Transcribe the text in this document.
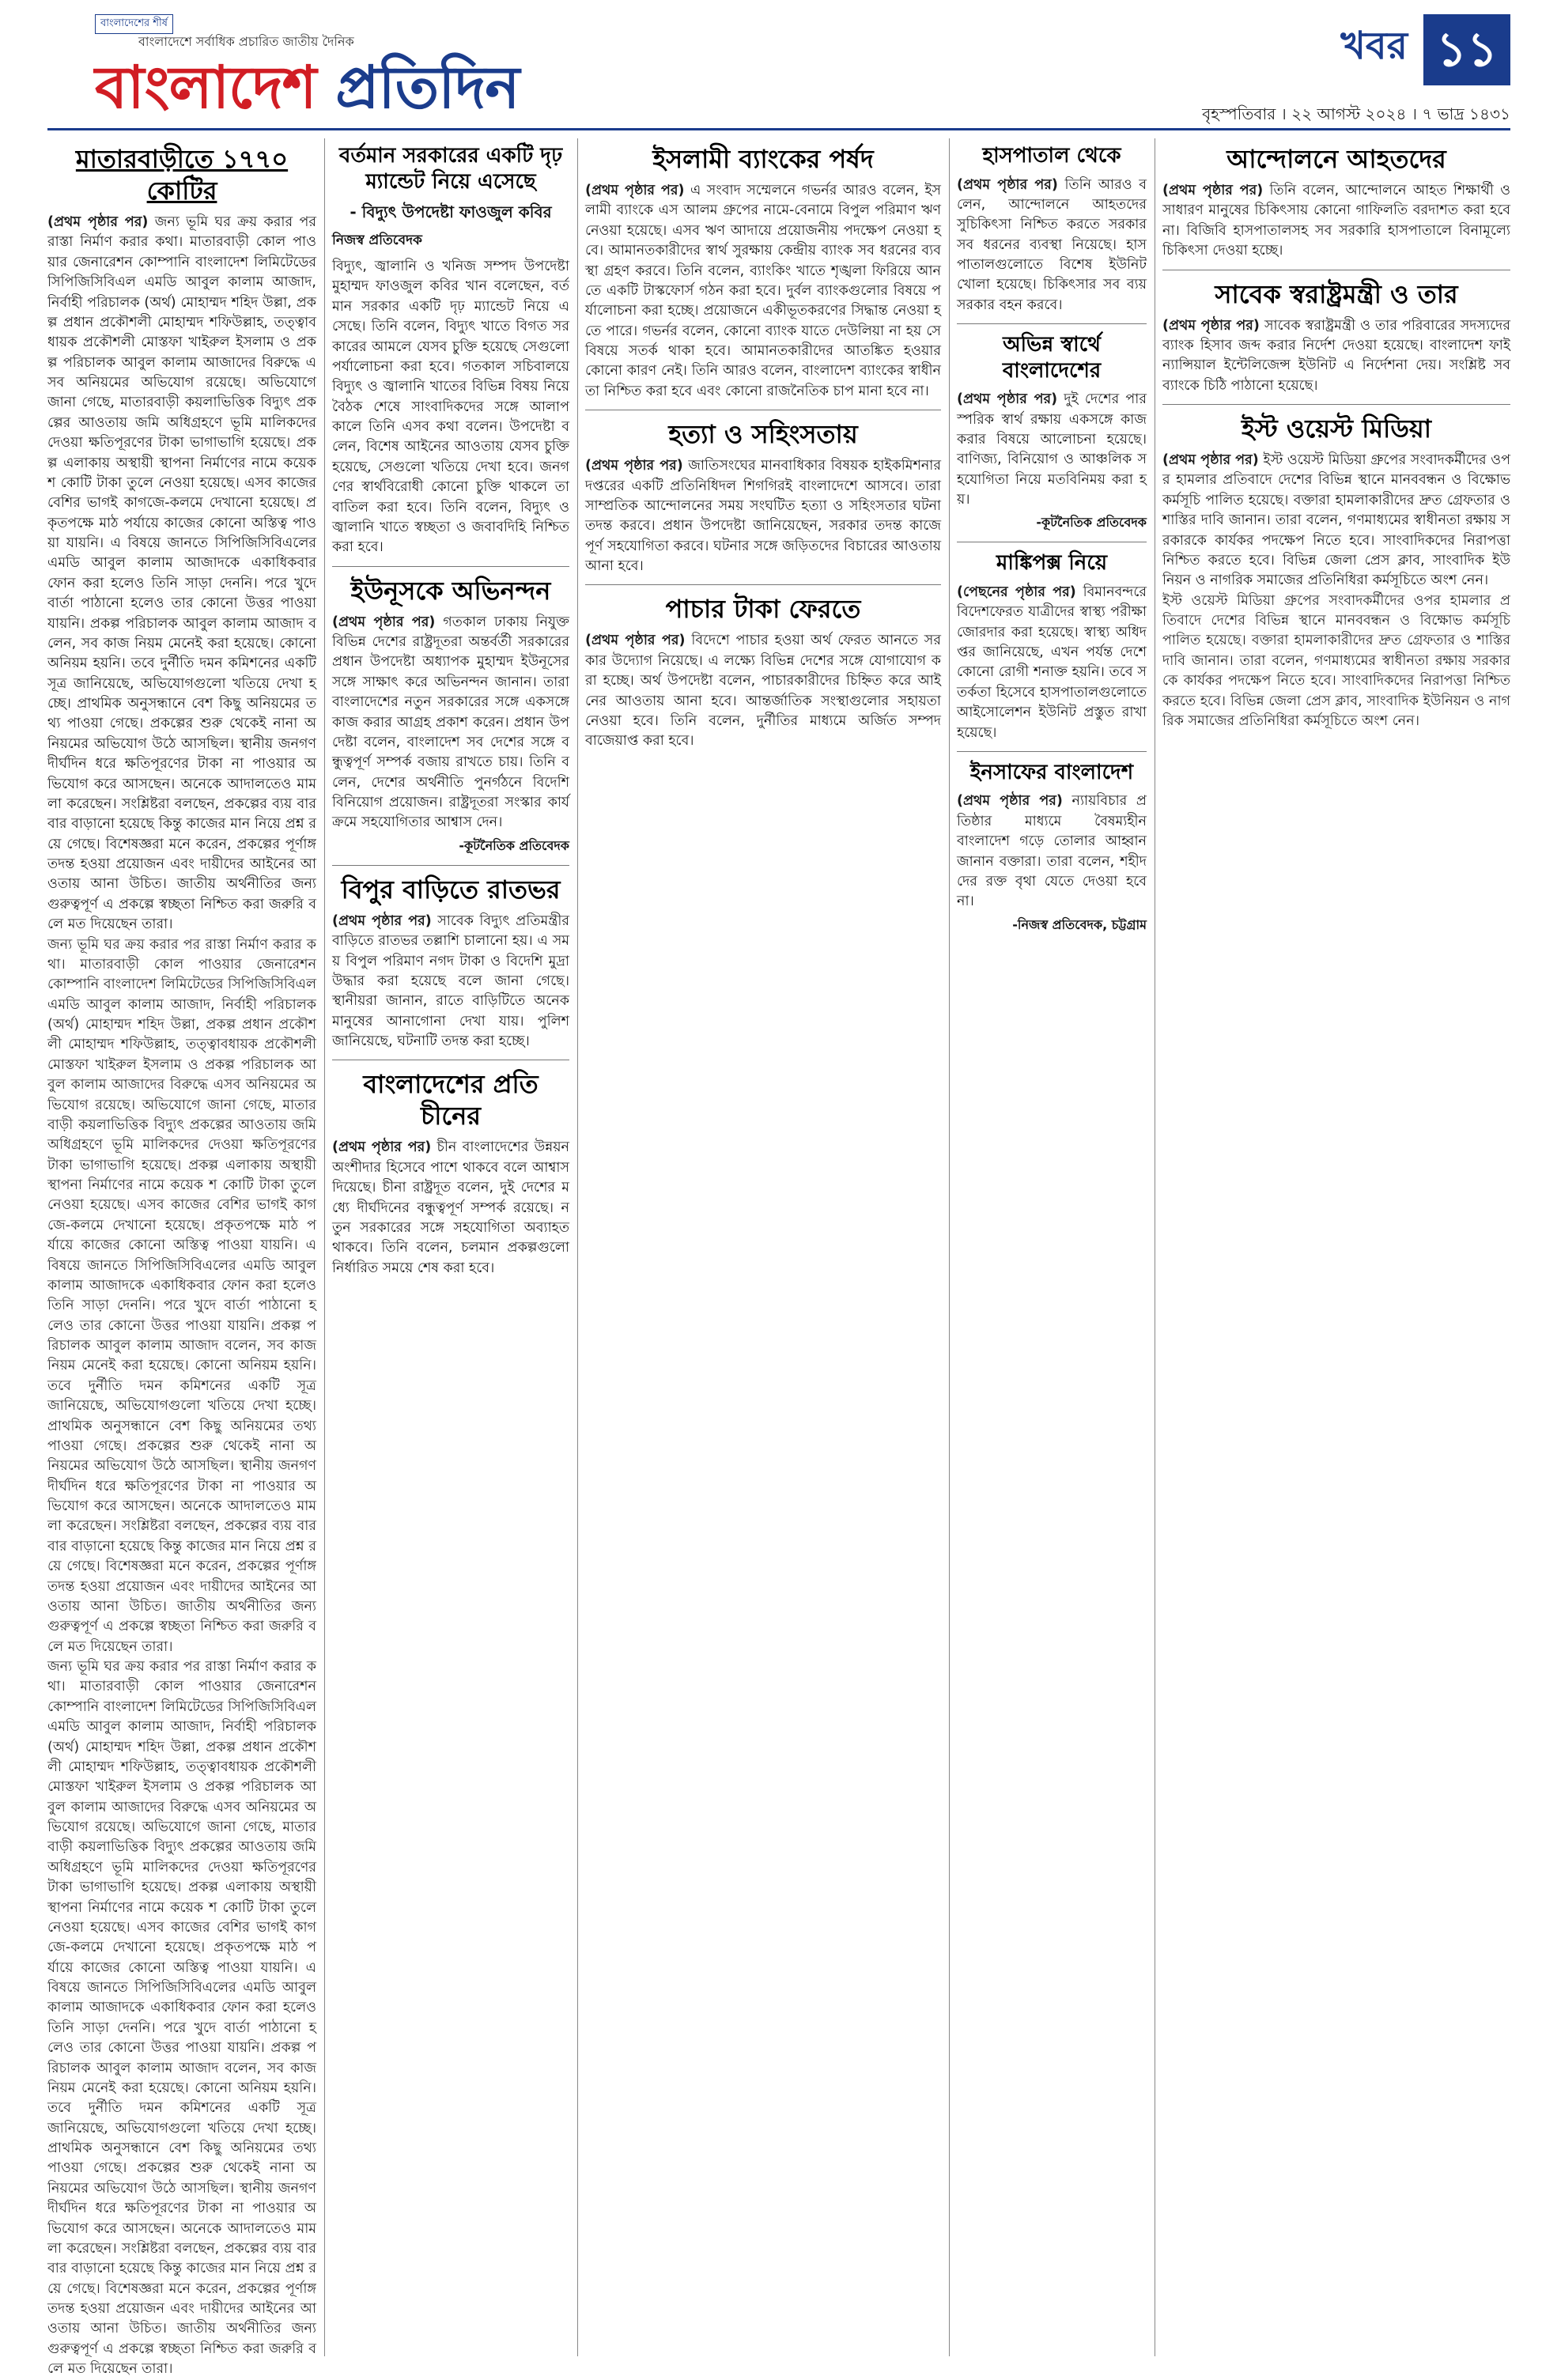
বাংলাদেশের শীর্ষ
বাংলাদেশে সর্বাধিক প্রচারিত জাতীয় দৈনিক
বাংলাদেশ প্রতিদিন
খবর ১১
বৃহস্পতিবার । ২২ আগস্ট ২০২৪ । ৭ ভাদ্র ১৪৩১
মাতারবাড়ীতে ১৭৭০ কোটির
(প্রথম পৃষ্ঠার পর) জন্য ভূমি ঘর ক্রয় করার পর রাস্তা নির্মাণ করার কথা। মাতারবাড়ী কোল পাওয়ার জেনারেশন কোম্পানি বাংলাদেশ লিমিটেডের সিপিজিসিবিএল এমডি আবুল কালাম আজাদ, নির্বাহী পরিচালক (অর্থ) মোহাম্মদ শহিদ উল্লা, প্রকল্প প্রধান প্রকৌশলী মোহাম্মদ শফিউল্লাহ, তত্ত্বাবধায়ক প্রকৌশলী মোস্তফা খাইরুল ইসলাম ও প্রকল্প পরিচালক আবুল কালাম আজাদের বিরুদ্ধে এসব অনিয়মের অভিযোগ রয়েছে। অভিযোগে জানা গেছে, মাতারবাড়ী কয়লাভিত্তিক বিদ্যুৎ প্রকল্পের আওতায় জমি অধিগ্রহণে ভূমি মালিকদের দেওয়া ক্ষতিপূরণের টাকা ভাগাভাগি হয়েছে। প্রকল্প এলাকায় অস্থায়ী স্থাপনা নির্মাণের নামে কয়েক শ কোটি টাকা তুলে নেওয়া হয়েছে। এসব কাজের বেশির ভাগই কাগজে-কলমে দেখানো হয়েছে। প্রকৃতপক্ষে মাঠ পর্যায়ে কাজের কোনো অস্তিত্ব পাওয়া যায়নি। এ বিষয়ে জানতে সিপিজিসিবিএলের এমডি আবুল কালাম আজাদকে একাধিকবার ফোন করা হলেও তিনি সাড়া দেননি। পরে খুদে বার্তা পাঠানো হলেও তার কোনো উত্তর পাওয়া যায়নি। প্রকল্প পরিচালক আবুল কালাম আজাদ বলেন, সব কাজ নিয়ম মেনেই করা হয়েছে। কোনো অনিয়ম হয়নি। তবে দুর্নীতি দমন কমিশনের একটি সূত্র জানিয়েছে, অভিযোগগুলো খতিয়ে দেখা হচ্ছে। প্রাথমিক অনুসন্ধানে বেশ কিছু অনিয়মের তথ্য পাওয়া গেছে। প্রকল্পের শুরু থেকেই নানা অনিয়মের অভিযোগ উঠে আসছিল। স্থানীয় জনগণ দীর্ঘদিন ধরে ক্ষতিপূরণের টাকা না পাওয়ার অভিযোগ করে আসছেন। অনেকে আদালতেও মামলা করেছেন। সংশ্লিষ্টরা বলছেন, প্রকল্পের ব্যয় বারবার বাড়ানো হয়েছে কিন্তু কাজের মান নিয়ে প্রশ্ন রয়ে গেছে। বিশেষজ্ঞরা মনে করেন, প্রকল্পের পূর্ণাঙ্গ তদন্ত হওয়া প্রয়োজন এবং দায়ীদের আইনের আওতায় আনা উচিত। জাতীয় অর্থনীতির জন্য গুরুত্বপূর্ণ এ প্রকল্পে স্বচ্ছতা নিশ্চিত করা জরুরি বলে মত দিয়েছেন তারা।
জন্য ভূমি ঘর ক্রয় করার পর রাস্তা নির্মাণ করার কথা। মাতারবাড়ী কোল পাওয়ার জেনারেশন কোম্পানি বাংলাদেশ লিমিটেডের সিপিজিসিবিএল এমডি আবুল কালাম আজাদ, নির্বাহী পরিচালক (অর্থ) মোহাম্মদ শহিদ উল্লা, প্রকল্প প্রধান প্রকৌশলী মোহাম্মদ শফিউল্লাহ, তত্ত্বাবধায়ক প্রকৌশলী মোস্তফা খাইরুল ইসলাম ও প্রকল্প পরিচালক আবুল কালাম আজাদের বিরুদ্ধে এসব অনিয়মের অভিযোগ রয়েছে। অভিযোগে জানা গেছে, মাতারবাড়ী কয়লাভিত্তিক বিদ্যুৎ প্রকল্পের আওতায় জমি অধিগ্রহণে ভূমি মালিকদের দেওয়া ক্ষতিপূরণের টাকা ভাগাভাগি হয়েছে। প্রকল্প এলাকায় অস্থায়ী স্থাপনা নির্মাণের নামে কয়েক শ কোটি টাকা তুলে নেওয়া হয়েছে। এসব কাজের বেশির ভাগই কাগজে-কলমে দেখানো হয়েছে। প্রকৃতপক্ষে মাঠ পর্যায়ে কাজের কোনো অস্তিত্ব পাওয়া যায়নি। এ বিষয়ে জানতে সিপিজিসিবিএলের এমডি আবুল কালাম আজাদকে একাধিকবার ফোন করা হলেও তিনি সাড়া দেননি। পরে খুদে বার্তা পাঠানো হলেও তার কোনো উত্তর পাওয়া যায়নি। প্রকল্প পরিচালক আবুল কালাম আজাদ বলেন, সব কাজ নিয়ম মেনেই করা হয়েছে। কোনো অনিয়ম হয়নি। তবে দুর্নীতি দমন কমিশনের একটি সূত্র জানিয়েছে, অভিযোগগুলো খতিয়ে দেখা হচ্ছে। প্রাথমিক অনুসন্ধানে বেশ কিছু অনিয়মের তথ্য পাওয়া গেছে। প্রকল্পের শুরু থেকেই নানা অনিয়মের অভিযোগ উঠে আসছিল। স্থানীয় জনগণ দীর্ঘদিন ধরে ক্ষতিপূরণের টাকা না পাওয়ার অভিযোগ করে আসছেন। অনেকে আদালতেও মামলা করেছেন। সংশ্লিষ্টরা বলছেন, প্রকল্পের ব্যয় বারবার বাড়ানো হয়েছে কিন্তু কাজের মান নিয়ে প্রশ্ন রয়ে গেছে। বিশেষজ্ঞরা মনে করেন, প্রকল্পের পূর্ণাঙ্গ তদন্ত হওয়া প্রয়োজন এবং দায়ীদের আইনের আওতায় আনা উচিত। জাতীয় অর্থনীতির জন্য গুরুত্বপূর্ণ এ প্রকল্পে স্বচ্ছতা নিশ্চিত করা জরুরি বলে মত দিয়েছেন তারা।
জন্য ভূমি ঘর ক্রয় করার পর রাস্তা নির্মাণ করার কথা। মাতারবাড়ী কোল পাওয়ার জেনারেশন কোম্পানি বাংলাদেশ লিমিটেডের সিপিজিসিবিএল এমডি আবুল কালাম আজাদ, নির্বাহী পরিচালক (অর্থ) মোহাম্মদ শহিদ উল্লা, প্রকল্প প্রধান প্রকৌশলী মোহাম্মদ শফিউল্লাহ, তত্ত্বাবধায়ক প্রকৌশলী মোস্তফা খাইরুল ইসলাম ও প্রকল্প পরিচালক আবুল কালাম আজাদের বিরুদ্ধে এসব অনিয়মের অভিযোগ রয়েছে। অভিযোগে জানা গেছে, মাতারবাড়ী কয়লাভিত্তিক বিদ্যুৎ প্রকল্পের আওতায় জমি অধিগ্রহণে ভূমি মালিকদের দেওয়া ক্ষতিপূরণের টাকা ভাগাভাগি হয়েছে। প্রকল্প এলাকায় অস্থায়ী স্থাপনা নির্মাণের নামে কয়েক শ কোটি টাকা তুলে নেওয়া হয়েছে। এসব কাজের বেশির ভাগই কাগজে-কলমে দেখানো হয়েছে। প্রকৃতপক্ষে মাঠ পর্যায়ে কাজের কোনো অস্তিত্ব পাওয়া যায়নি। এ বিষয়ে জানতে সিপিজিসিবিএলের এমডি আবুল কালাম আজাদকে একাধিকবার ফোন করা হলেও তিনি সাড়া দেননি। পরে খুদে বার্তা পাঠানো হলেও তার কোনো উত্তর পাওয়া যায়নি। প্রকল্প পরিচালক আবুল কালাম আজাদ বলেন, সব কাজ নিয়ম মেনেই করা হয়েছে। কোনো অনিয়ম হয়নি। তবে দুর্নীতি দমন কমিশনের একটি সূত্র জানিয়েছে, অভিযোগগুলো খতিয়ে দেখা হচ্ছে। প্রাথমিক অনুসন্ধানে বেশ কিছু অনিয়মের তথ্য পাওয়া গেছে। প্রকল্পের শুরু থেকেই নানা অনিয়মের অভিযোগ উঠে আসছিল। স্থানীয় জনগণ দীর্ঘদিন ধরে ক্ষতিপূরণের টাকা না পাওয়ার অভিযোগ করে আসছেন। অনেকে আদালতেও মামলা করেছেন। সংশ্লিষ্টরা বলছেন, প্রকল্পের ব্যয় বারবার বাড়ানো হয়েছে কিন্তু কাজের মান নিয়ে প্রশ্ন রয়ে গেছে। বিশেষজ্ঞরা মনে করেন, প্রকল্পের পূর্ণাঙ্গ তদন্ত হওয়া প্রয়োজন এবং দায়ীদের আইনের আওতায় আনা উচিত। জাতীয় অর্থনীতির জন্য গুরুত্বপূর্ণ এ প্রকল্পে স্বচ্ছতা নিশ্চিত করা জরুরি বলে মত দিয়েছেন তারা।
বর্তমান সরকারের একটি দৃঢ় ম্যান্ডেট নিয়ে এসেছে
- বিদ্যুৎ উপদেষ্টা ফাওজুল কবির
নিজস্ব প্রতিবেদক
বিদ্যুৎ, জ্বালানি ও খনিজ সম্পদ উপদেষ্টা মুহাম্মদ ফাওজুল কবির খান বলেছেন, বর্তমান সরকার একটি দৃঢ় ম্যান্ডেট নিয়ে এসেছে। তিনি বলেন, বিদ্যুৎ খাতে বিগত সরকারের আমলে যেসব চুক্তি হয়েছে সেগুলো পর্যালোচনা করা হবে। গতকাল সচিবালয়ে বিদ্যুৎ ও জ্বালানি খাতের বিভিন্ন বিষয় নিয়ে বৈঠক শেষে সাংবাদিকদের সঙ্গে আলাপকালে তিনি এসব কথা বলেন। উপদেষ্টা বলেন, বিশেষ আইনের আওতায় যেসব চুক্তি হয়েছে, সেগুলো খতিয়ে দেখা হবে। জনগণের স্বার্থবিরোধী কোনো চুক্তি থাকলে তা বাতিল করা হবে। তিনি বলেন, বিদ্যুৎ ও জ্বালানি খাতে স্বচ্ছতা ও জবাবদিহি নিশ্চিত করা হবে।
ইউনূসকে অভিনন্দন
(প্রথম পৃষ্ঠার পর) গতকাল ঢাকায় নিযুক্ত বিভিন্ন দেশের রাষ্ট্রদূতরা অন্তর্বর্তী সরকারের প্রধান উপদেষ্টা অধ্যাপক মুহাম্মদ ইউনূসের সঙ্গে সাক্ষাৎ করে অভিনন্দন জানান। তারা বাংলাদেশের নতুন সরকারের সঙ্গে একসঙ্গে কাজ করার আগ্রহ প্রকাশ করেন। প্রধান উপদেষ্টা বলেন, বাংলাদেশ সব দেশের সঙ্গে বন্ধুত্বপূর্ণ সম্পর্ক বজায় রাখতে চায়। তিনি বলেন, দেশের অর্থনীতি পুনর্গঠনে বিদেশি বিনিয়োগ প্রয়োজন। রাষ্ট্রদূতরা সংস্কার কার্যক্রমে সহযোগিতার আশ্বাস দেন।
-কূটনৈতিক প্রতিবেদক
বিপুর বাড়িতে রাতভর
(প্রথম পৃষ্ঠার পর) সাবেক বিদ্যুৎ প্রতিমন্ত্রীর বাড়িতে রাতভর তল্লাশি চালানো হয়। এ সময় বিপুল পরিমাণ নগদ টাকা ও বিদেশি মুদ্রা উদ্ধার করা হয়েছে বলে জানা গেছে। স্থানীয়রা জানান, রাতে বাড়িটিতে অনেক মানুষের আনাগোনা দেখা যায়। পুলিশ জানিয়েছে, ঘটনাটি তদন্ত করা হচ্ছে।
বাংলাদেশের প্রতি চীনের
(প্রথম পৃষ্ঠার পর) চীন বাংলাদেশের উন্নয়ন অংশীদার হিসেবে পাশে থাকবে বলে আশ্বাস দিয়েছে। চীনা রাষ্ট্রদূত বলেন, দুই দেশের মধ্যে দীর্ঘদিনের বন্ধুত্বপূর্ণ সম্পর্ক রয়েছে। নতুন সরকারের সঙ্গে সহযোগিতা অব্যাহত থাকবে। তিনি বলেন, চলমান প্রকল্পগুলো নির্ধারিত সময়ে শেষ করা হবে।
ইসলামী ব্যাংকের পর্ষদ
(প্রথম পৃষ্ঠার পর) এ সংবাদ সম্মেলনে গভর্নর আরও বলেন, ইসলামী ব্যাংকে এস আলম গ্রুপের নামে-বেনামে বিপুল পরিমাণ ঋণ নেওয়া হয়েছে। এসব ঋণ আদায়ে প্রয়োজনীয় পদক্ষেপ নেওয়া হবে। আমানতকারীদের স্বার্থ সুরক্ষায় কেন্দ্রীয় ব্যাংক সব ধরনের ব্যবস্থা গ্রহণ করবে। তিনি বলেন, ব্যাংকিং খাতে শৃঙ্খলা ফিরিয়ে আনতে একটি টাস্কফোর্স গঠন করা হবে। দুর্বল ব্যাংকগুলোর বিষয়ে পর্যালোচনা করা হচ্ছে। প্রয়োজনে একীভূতকরণের সিদ্ধান্ত নেওয়া হতে পারে। গভর্নর বলেন, কোনো ব্যাংক যাতে দেউলিয়া না হয় সে বিষয়ে সতর্ক থাকা হবে। আমানতকারীদের আতঙ্কিত হওয়ার কোনো কারণ নেই। তিনি আরও বলেন, বাংলাদেশ ব্যাংকের স্বাধীনতা নিশ্চিত করা হবে এবং কোনো রাজনৈতিক চাপ মানা হবে না।
হত্যা ও সহিংসতায়
(প্রথম পৃষ্ঠার পর) জাতিসংঘের মানবাধিকার বিষয়ক হাইকমিশনার দপ্তরের একটি প্রতিনিধিদল শিগগিরই বাংলাদেশে আসবে। তারা সাম্প্রতিক আন্দোলনের সময় সংঘটিত হত্যা ও সহিংসতার ঘটনা তদন্ত করবে। প্রধান উপদেষ্টা জানিয়েছেন, সরকার তদন্ত কাজে পূর্ণ সহযোগিতা করবে। ঘটনার সঙ্গে জড়িতদের বিচারের আওতায় আনা হবে।
পাচার টাকা ফেরতে
(প্রথম পৃষ্ঠার পর) বিদেশে পাচার হওয়া অর্থ ফেরত আনতে সরকার উদ্যোগ নিয়েছে। এ লক্ষ্যে বিভিন্ন দেশের সঙ্গে যোগাযোগ করা হচ্ছে। অর্থ উপদেষ্টা বলেন, পাচারকারীদের চিহ্নিত করে আইনের আওতায় আনা হবে। আন্তর্জাতিক সংস্থাগুলোর সহায়তা নেওয়া হবে। তিনি বলেন, দুর্নীতির মাধ্যমে অর্জিত সম্পদ বাজেয়াপ্ত করা হবে।
হাসপাতাল থেকে
(প্রথম পৃষ্ঠার পর) তিনি আরও বলেন, আন্দোলনে আহতদের সুচিকিৎসা নিশ্চিত করতে সরকার সব ধরনের ব্যবস্থা নিয়েছে। হাসপাতালগুলোতে বিশেষ ইউনিট খোলা হয়েছে। চিকিৎসার সব ব্যয় সরকার বহন করবে।
অভিন্ন স্বার্থে বাংলাদেশের
(প্রথম পৃষ্ঠার পর) দুই দেশের পারস্পরিক স্বার্থ রক্ষায় একসঙ্গে কাজ করার বিষয়ে আলোচনা হয়েছে। বাণিজ্য, বিনিয়োগ ও আঞ্চলিক সহযোগিতা নিয়ে মতবিনিময় করা হয়।
-কূটনৈতিক প্রতিবেদক
মাঙ্কিপক্স নিয়ে
(পেছনের পৃষ্ঠার পর) বিমানবন্দরে বিদেশফেরত যাত্রীদের স্বাস্থ্য পরীক্ষা জোরদার করা হয়েছে। স্বাস্থ্য অধিদপ্তর জানিয়েছে, এখন পর্যন্ত দেশে কোনো রোগী শনাক্ত হয়নি। তবে সতর্কতা হিসেবে হাসপাতালগুলোতে আইসোলেশন ইউনিট প্রস্তুত রাখা হয়েছে।
ইনসাফের বাংলাদেশ
(প্রথম পৃষ্ঠার পর) ন্যায়বিচার প্রতিষ্ঠার মাধ্যমে বৈষম্যহীন বাংলাদেশ গড়ে তোলার আহ্বান জানান বক্তারা। তারা বলেন, শহীদদের রক্ত বৃথা যেতে দেওয়া হবে না।
-নিজস্ব প্রতিবেদক, চট্টগ্রাম
আন্দোলনে আহতদের
(প্রথম পৃষ্ঠার পর) তিনি বলেন, আন্দোলনে আহত শিক্ষার্থী ও সাধারণ মানুষের চিকিৎসায় কোনো গাফিলতি বরদাশত করা হবে না। বিজিবি হাসপাতালসহ সব সরকারি হাসপাতালে বিনামূল্যে চিকিৎসা দেওয়া হচ্ছে।
সাবেক স্বরাষ্ট্রমন্ত্রী ও তার
(প্রথম পৃষ্ঠার পর) সাবেক স্বরাষ্ট্রমন্ত্রী ও তার পরিবারের সদস্যদের ব্যাংক হিসাব জব্দ করার নির্দেশ দেওয়া হয়েছে। বাংলাদেশ ফাইন্যান্সিয়াল ইন্টেলিজেন্স ইউনিট এ নির্দেশনা দেয়। সংশ্লিষ্ট সব ব্যাংকে চিঠি পাঠানো হয়েছে।
ইস্ট ওয়েস্ট মিডিয়া
(প্রথম পৃষ্ঠার পর) ইস্ট ওয়েস্ট মিডিয়া গ্রুপের সংবাদকর্মীদের ওপর হামলার প্রতিবাদে দেশের বিভিন্ন স্থানে মানববন্ধন ও বিক্ষোভ কর্মসূচি পালিত হয়েছে। বক্তারা হামলাকারীদের দ্রুত গ্রেফতার ও শাস্তির দাবি জানান। তারা বলেন, গণমাধ্যমের স্বাধীনতা রক্ষায় সরকারকে কার্যকর পদক্ষেপ নিতে হবে। সাংবাদিকদের নিরাপত্তা নিশ্চিত করতে হবে। বিভিন্ন জেলা প্রেস ক্লাব, সাংবাদিক ইউনিয়ন ও নাগরিক সমাজের প্রতিনিধিরা কর্মসূচিতে অংশ নেন।
ইস্ট ওয়েস্ট মিডিয়া গ্রুপের সংবাদকর্মীদের ওপর হামলার প্রতিবাদে দেশের বিভিন্ন স্থানে মানববন্ধন ও বিক্ষোভ কর্মসূচি পালিত হয়েছে। বক্তারা হামলাকারীদের দ্রুত গ্রেফতার ও শাস্তির দাবি জানান। তারা বলেন, গণমাধ্যমের স্বাধীনতা রক্ষায় সরকারকে কার্যকর পদক্ষেপ নিতে হবে। সাংবাদিকদের নিরাপত্তা নিশ্চিত করতে হবে। বিভিন্ন জেলা প্রেস ক্লাব, সাংবাদিক ইউনিয়ন ও নাগরিক সমাজের প্রতিনিধিরা কর্মসূচিতে অংশ নেন।
